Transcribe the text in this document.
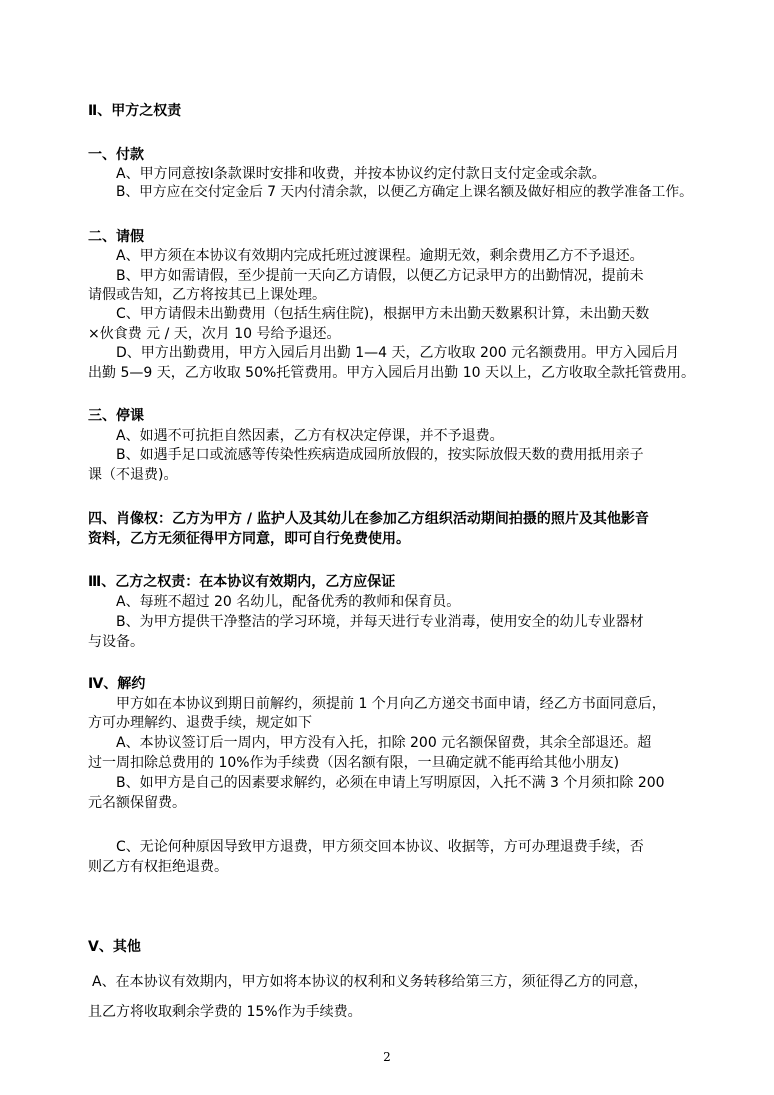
Ⅱ、甲方之权责
一、付款
A、甲方同意按Ⅰ条款课时安排和收费，并按本协议约定付款日支付定金或余款。
B、甲方应在交付定金后 7 天内付清余款，以便乙方确定上课名额及做好相应的教学准备工作。
二、请假
A、甲方须在本协议有效期内完成托班过渡课程。逾期无效，剩余费用乙方不予退还。
B、甲方如需请假，至少提前一天向乙方请假，以便乙方记录甲方的出勤情况，提前未
请假或告知，乙方将按其已上课处理。
C、甲方请假未出勤费用（包括生病住院)，根据甲方未出勤天数累积计算，未出勤天数
×伙食费 元 / 天，次月 10 号给予退还。
D、甲方出勤费用，甲方入园后月出勤 1—4 天，乙方收取 200 元名额费用。甲方入园后月
出勤 5—9 天，乙方收取 50%托管费用。甲方入园后月出勤 10 天以上，乙方收取全款托管费用。
三、停课
A、如遇不可抗拒自然因素，乙方有权决定停课，并不予退费。
B、如遇手足口或流感等传染性疾病造成园所放假的，按实际放假天数的费用抵用亲子
课（不退费)。
四、肖像权：乙方为甲方 / 监护人及其幼儿在参加乙方组织活动期间拍摄的照片及其他影音
资料，乙方无须征得甲方同意，即可自行免费使用。
Ⅲ、乙方之权责：在本协议有效期内，乙方应保证
A、每班不超过 20 名幼儿，配备优秀的教师和保育员。
B、为甲方提供干净整洁的学习环境，并每天进行专业消毒，使用安全的幼儿专业器材
与设备。
Ⅳ、解约
甲方如在本协议到期日前解约，须提前 1 个月向乙方递交书面申请，经乙方书面同意后，
方可办理解约、退费手续，规定如下
A、本协议签订后一周内，甲方没有入托，扣除 200 元名额保留费，其余全部退还。超
过一周扣除总费用的 10%作为手续费（因名额有限，一旦确定就不能再给其他小朋友)
B、如甲方是自己的因素要求解约，必须在申请上写明原因，入托不满 3 个月须扣除 200
元名额保留费。
C、无论何种原因导致甲方退费，甲方须交回本协议、收据等，方可办理退费手续，否
则乙方有权拒绝退费。
Ⅴ、其他
A、在本协议有效期内，甲方如将本协议的权利和义务转移给第三方，须征得乙方的同意，
且乙方将收取剩余学费的 15%作为手续费。
2
